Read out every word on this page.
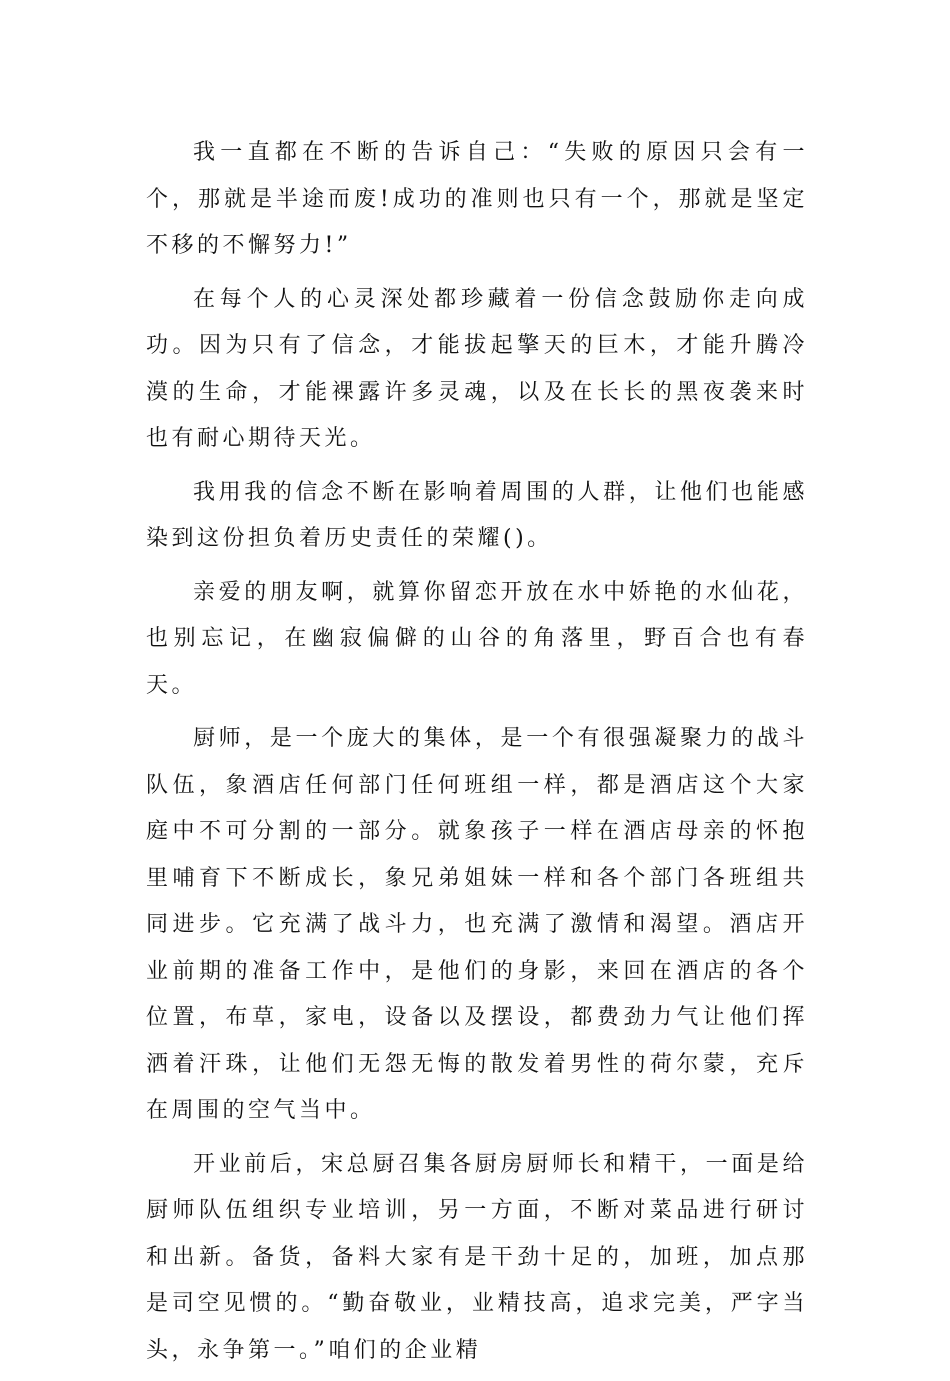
我一直都在不断的告诉自己：“失败的原因只会有一个，那就是半途而废!成功的准则也只有一个，那就是坚定不移的不懈努力!”

在每个人的心灵深处都珍藏着一份信念鼓励你走向成功。因为只有了信念，才能拔起擎天的巨木，才能升腾冷漠的生命，才能裸露许多灵魂，以及在长长的黑夜袭来时也有耐心期待天光。

我用我的信念不断在影响着周围的人群，让他们也能感染到这份担负着历史责任的荣耀()。

亲爱的朋友啊，就算你留恋开放在水中娇艳的水仙花，也别忘记，在幽寂偏僻的山谷的角落里，野百合也有春天。

厨师，是一个庞大的集体，是一个有很强凝聚力的战斗队伍，象酒店任何部门任何班组一样，都是酒店这个大家庭中不可分割的一部分。就象孩子一样在酒店母亲的怀抱里哺育下不断成长，象兄弟姐妹一样和各个部门各班组共同进步。它充满了战斗力，也充满了激情和渴望。酒店开业前期的准备工作中，是他们的身影，来回在酒店的各个位置，布草，家电，设备以及摆设，都费劲力气让他们挥洒着汗珠，让他们无怨无悔的散发着男性的荷尔蒙，充斥在周围的空气当中。

开业前后，宋总厨召集各厨房厨师长和精干，一面是给厨师队伍组织专业培训，另一方面，不断对菜品进行研讨和出新。备货，备料大家有是干劲十足的，加班，加点那是司空见惯的。“勤奋敬业，业精技高，追求完美，严字当头，永争第一。”咱们的企业精
